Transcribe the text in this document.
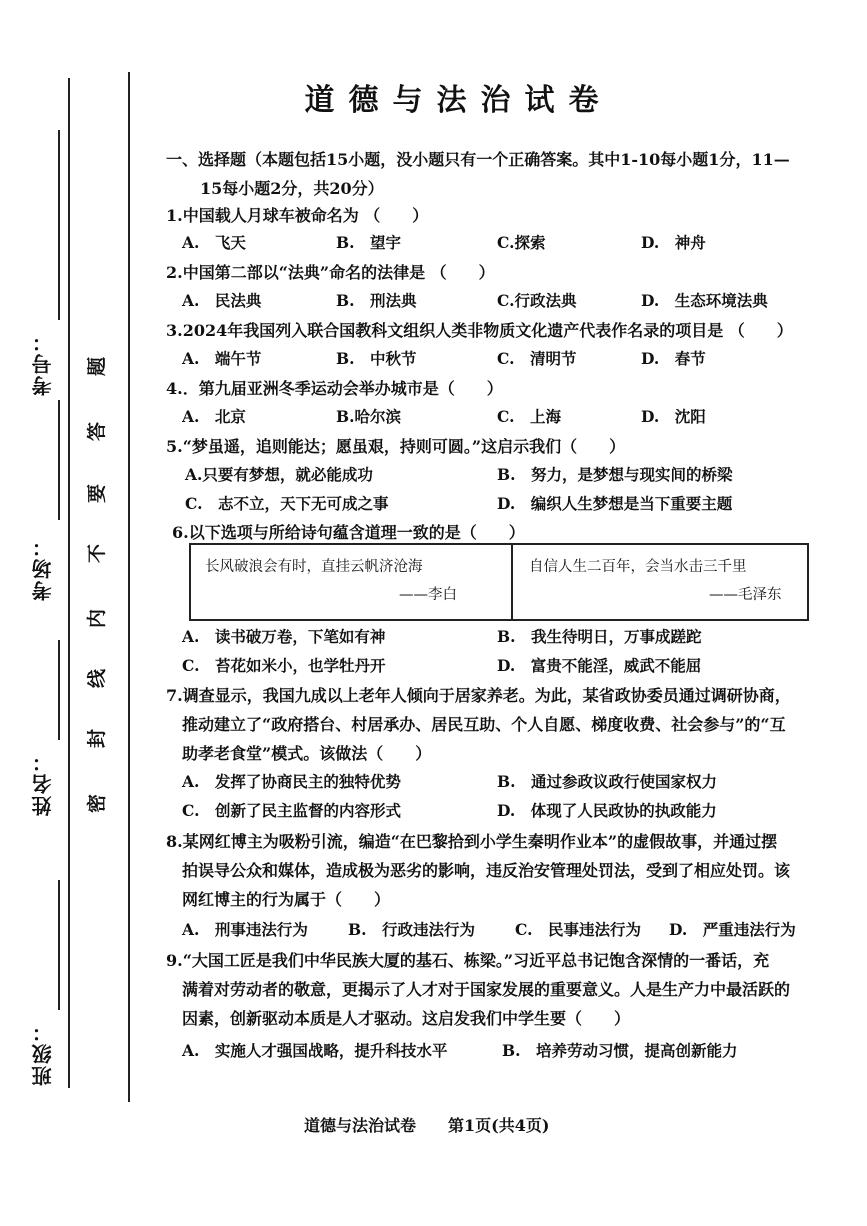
考号：
考场：
姓名：
班级：
密
封
线
内
不
要
答
题
道德与法治试卷
一、选择题（本题包括15小题，没小题只有一个正确答案。其中1-10每小题1分，11—
15每小题2分，共20分）
1.中国载人月球车被命名为 （　　）
A.　飞天	B.　望宇	C.探索	D.　神舟
2.中国第二部以“法典”命名的法律是 （　　）
A.　民法典	B.　刑法典	C.行政法典	D.　生态环境法典
3.2024年我国列入联合国教科文组织人类非物质文化遗产代表作名录的项目是 （　　）
A.　端午节	B.　中秋节	C.　清明节	D.　春节
4.．第九届亚洲冬季运动会举办城市是（　　）
A.　北京	B.哈尔滨	C.　上海	D.　沈阳
5.“梦虽遥，追则能达；愿虽艰，持则可圆。”这启示我们（　　）
A.只要有梦想，就必能成功	B.　努力，是梦想与现实间的桥梁
C.　志不立，天下无可成之事	D.　编织人生梦想是当下重要主题
6.以下选项与所给诗句蕴含道理一致的是（　　）
长风破浪会有时，直挂云帆济沧海
——李白
自信人生二百年，会当水击三千里
——毛泽东
A.　读书破万卷，下笔如有神	B.　我生待明日，万事成蹉跎
C.　苔花如米小，也学牡丹开	D.　富贵不能淫，威武不能屈
7.调查显示，我国九成以上老年人倾向于居家养老。为此，某省政协委员通过调研协商，
推动建立了“政府搭台、村居承办、居民互助、个人自愿、梯度收费、社会参与”的“互
助孝老食堂”模式。该做法（　　）
A.　发挥了协商民主的独特优势	B.　通过参政议政行使国家权力
C.　创新了民主监督的内容形式	D.　体现了人民政协的执政能力
8.某网红博主为吸粉引流，编造“在巴黎拾到小学生秦明作业本”的虚假故事，并通过摆
拍误导公众和媒体，造成极为恶劣的影响，违反治安管理处罚法，受到了相应处罚。该
网红博主的行为属于（　　）
A.　刑事违法行为	B.　行政违法行为	C.　民事违法行为 D.　严重违法行为
9.“大国工匠是我们中华民族大厦的基石、栋梁。”习近平总书记饱含深情的一番话，充
满着对劳动者的敬意，更揭示了人才对于国家发展的重要意义。人是生产力中最活跃的
因素，创新驱动本质是人才驱动。这启发我们中学生要（　　）
A.　实施人才强国战略，提升科技水平	B.　培养劳动习惯，提高创新能力
道德与法治试卷　　第1页(共4页)
